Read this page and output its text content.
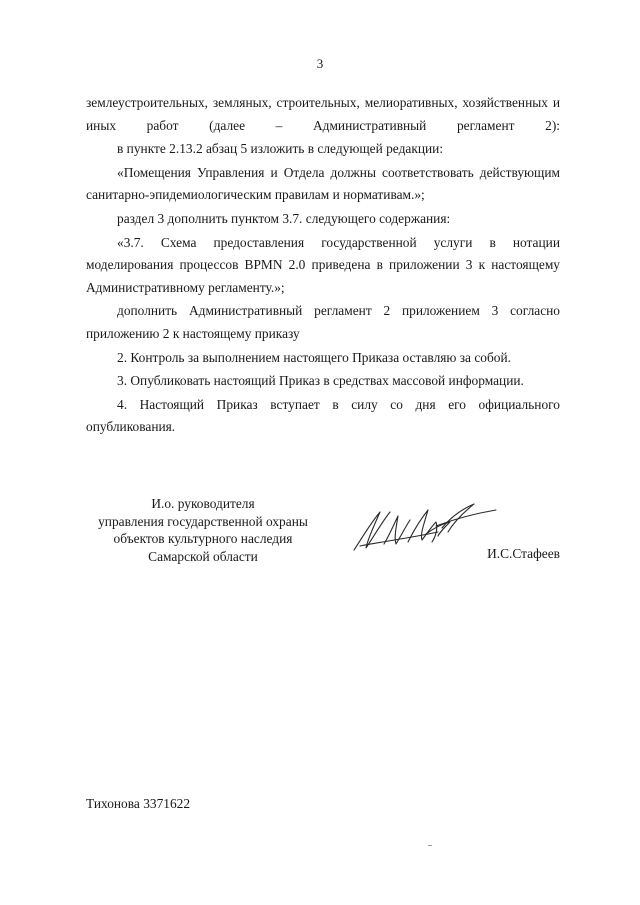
3

землеустроительных, земляных, строительных, мелиоративных, хозяйственных и иных работ (далее – Административный регламент 2):

в пункте 2.13.2 абзац 5 изложить в следующей редакции:

«Помещения Управления и Отдела должны соответствовать действующим санитарно-эпидемиологическим правилам и нормативам.»;

раздел 3 дополнить пунктом 3.7. следующего содержания:

«3.7. Схема предоставления государственной услуги в нотации моделирования процессов BPMN 2.0 приведена в приложении 3 к настоящему Административному регламенту.»;

дополнить Административный регламент 2 приложением 3 согласно приложению 2 к настоящему приказу

2. Контроль за выполнением настоящего Приказа оставляю за собой.

3. Опубликовать настоящий Приказ в средствах массовой информации.

4. Настоящий Приказ вступает в силу со дня его официального опубликования.

И.о. руководителя
управления государственной охраны
объектов культурного наследия
Самарской области	И.С.Стафеев
Тихонова 3371622
